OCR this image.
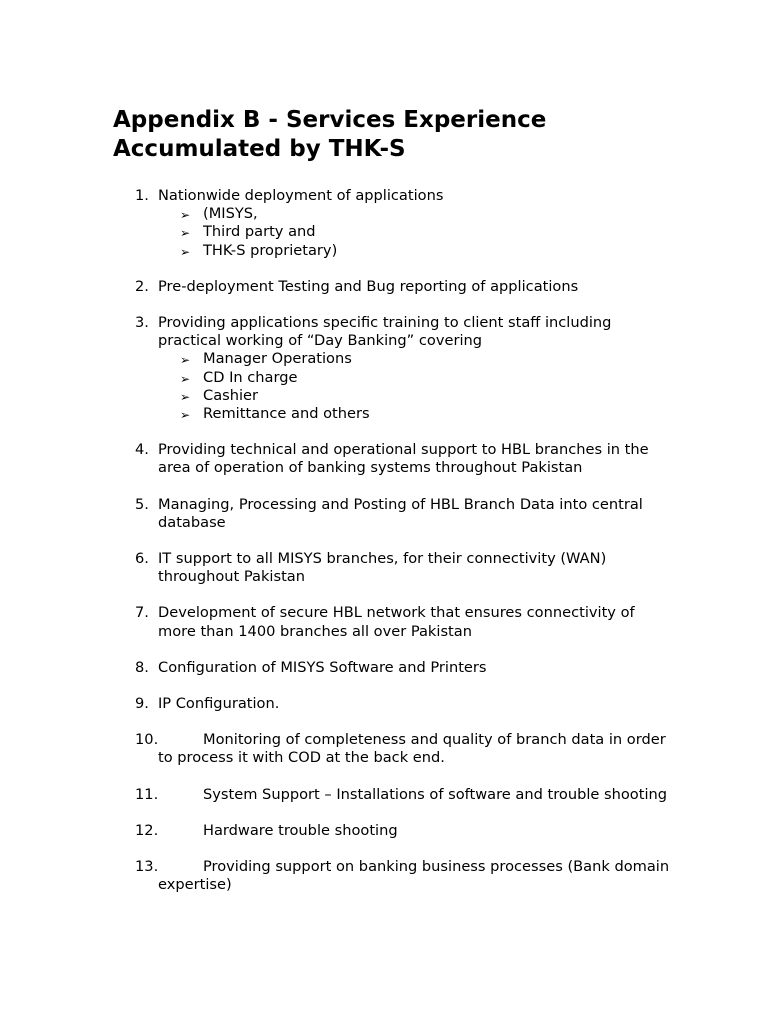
Appendix B - Services Experience Accumulated by THK-S
1. Nationwide deployment of applications
➢ (MISYS,
➢ Third party and
➢ THK-S proprietary)
2. Pre-deployment Testing and Bug reporting of applications
3. Providing applications specific training to client staff including practical working of “Day Banking” covering
➢ Manager Operations
➢ CD In charge
➢ Cashier
➢ Remittance and others
4. Providing technical and operational support to HBL branches in the area of operation of banking systems throughout Pakistan
5. Managing, Processing and Posting of HBL Branch Data into central database
6. IT support to all MISYS branches, for their connectivity (WAN) throughout Pakistan
7. Development of secure HBL network that ensures connectivity of more than 1400 branches all over Pakistan
8. Configuration of MISYS Software and Printers
9. IP Configuration.
10.	Monitoring of completeness and quality of branch data in order to process it with COD at the back end.
11.	System Support – Installations of software and trouble shooting
12.	Hardware trouble shooting
13.	Providing support on banking business processes (Bank domain expertise)
